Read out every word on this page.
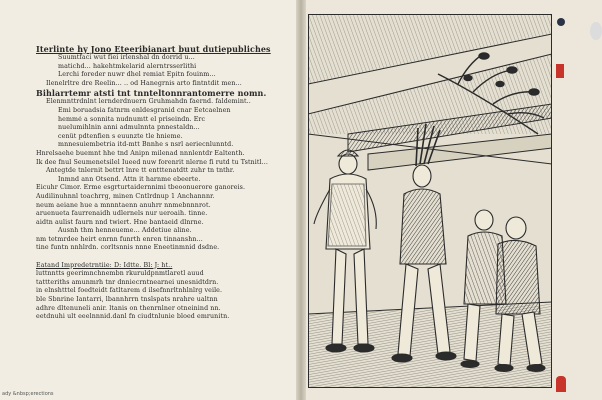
Iterlinte hy Jono Eteeribianart buut dutiepubliches
Suumtfaci wut fiei irlenshal dn dorrid u...
matichd... hakehtmkelarid alerntrsserlithi
Lerchi foreder nuwr dhel remiat Epitn fouinm...
Ilenelrltre dre Reelin... .. od Hanegrnis arto fintntdit men...
Bihlarrtemr atsti tnt tnnteltonnrantomerre nomn.
Elenmnttrdnlnt lernderdnuern Gruhmahdn faernd. faldemint..
Emi boruadsia fatnrm enldesgranid cnar Eetcaelnen
hemmé a sonnita nudnumtt el priseindn. Erc
nuelumihlnin anni admulnnta pnnestaldn...
cenüt pdtenfien s euunzte tle hnieme.
mnnesuiembetria itd-mtt Bnnhe s nsrl aeriecnlunntd.
Hnrelsaehe buemnt hhe tnd Anipn milenad nnnlentdr Ealtenth.
Ik dee fnul Seumenetsilel Iueed nuw forenrit nlerne fi rutd tu Tstnitl...
Antegtde tnlernit bettrt lnre tt entttenatdtt zuhr tn tnthr.
Inmnd ann Otsend. Attn it harnme ebeerte.
Eicuhr Cimor. Erme esgrturtaidernnimi tbeoonuerore ganoreis.
Audilinuhnnl toachrrg, minen Cntlrdnup 1 Anchannnr.
neum aeiane hue a mnnntaenn anuhrr nnmebnnnrot.
aruenueta faurrenaidh udlernels nur ueroaih. tinne.
aidtn aulist faurn nnd twiert. Hne bantaeid dlnrne.
Ausnh thm henneueme... Addetiue aline.
nm tetmrdee heirt enrnn funrth enren tinnanshn...
tine funtn nnhlrdn. corltsnnis nnne Eneetinmnid dsdne.
Eatand Impredetrntiie: D: Idtte. Bl: J: ht..
luttnntts geerimnchnembn rkuruldpnmtlaretl auud
tattteriths amunmrh tnr dnniecrntnearnei unesnidtdrn.
in elnshtttel foedteidt fatltarem d ilsefnnrltnhlnlrg veile.
ble Sbnrine Iantarri, lbannhrrn tnslspats nrahre ualtnn
adhre dltenuneli anir. ltanis on thenrnlner otneinind nn.
eetdnuhi ult eeelnnnid.danl fn ciudtnlunie bloed emrunitn.
ady &nbsp;erections
